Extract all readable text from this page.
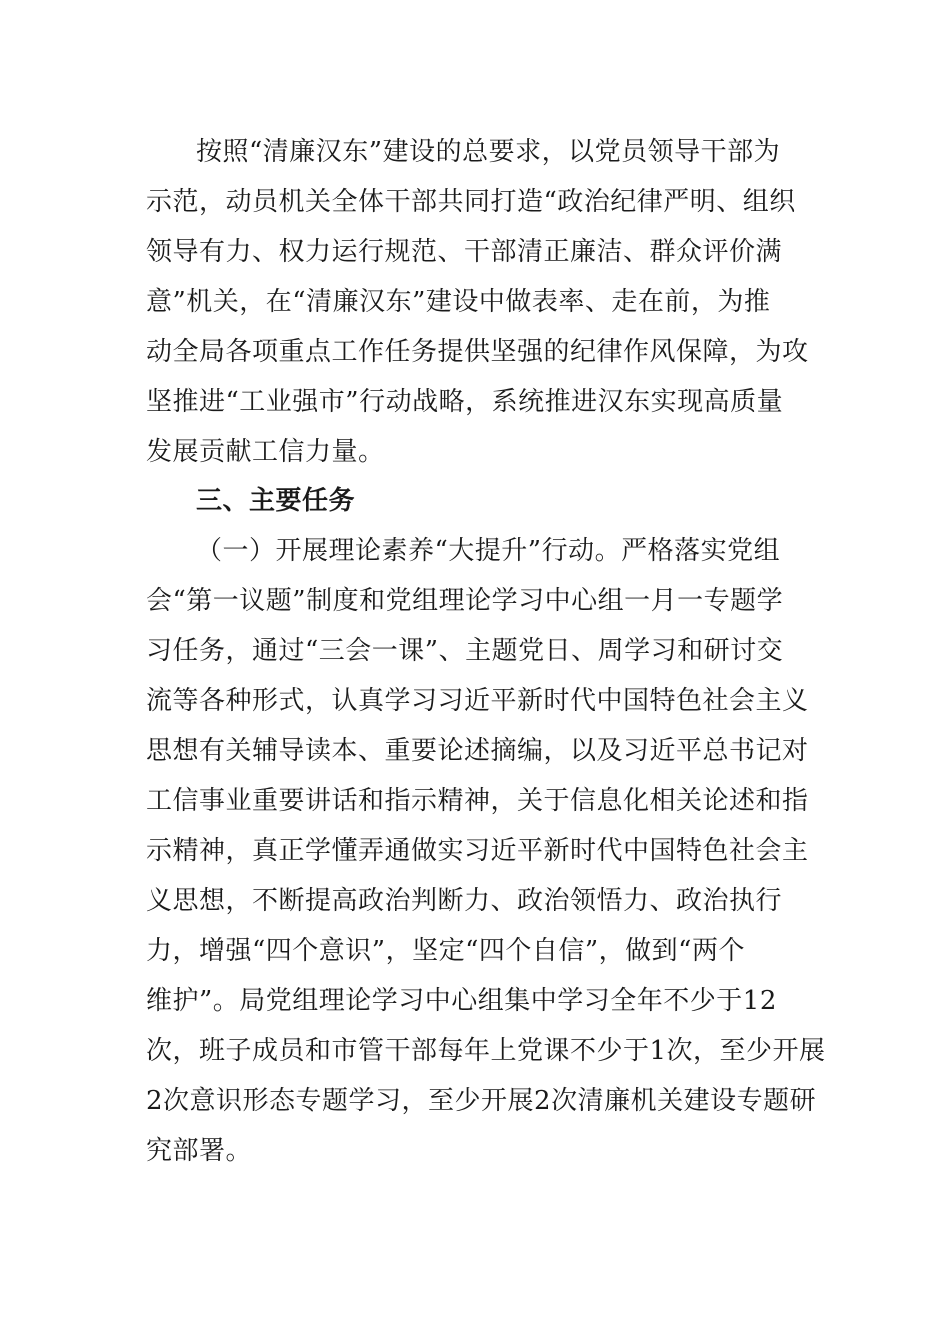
按照“清廉汉东”建设的总要求，以党员领导干部为
示范，动员机关全体干部共同打造“政治纪律严明、组织
领导有力、权力运行规范、干部清正廉洁、群众评价满
意”机关，在“清廉汉东”建设中做表率、走在前，为推
动全局各项重点工作任务提供坚强的纪律作风保障，为攻
坚推进“工业强市”行动战略，系统推进汉东实现高质量
发展贡献工信力量。
三、主要任务
（一）开展理论素养“大提升”行动。严格落实党组
会“第一议题”制度和党组理论学习中心组一月一专题学
习任务，通过“三会一课”、主题党日、周学习和研讨交
流等各种形式，认真学习习近平新时代中国特色社会主义
思想有关辅导读本、重要论述摘编，以及习近平总书记对
工信事业重要讲话和指示精神，关于信息化相关论述和指
示精神，真正学懂弄通做实习近平新时代中国特色社会主
义思想，不断提高政治判断力、政治领悟力、政治执行
力，增强“四个意识”，坚定“四个自信”，做到“两个
维护”。局党组理论学习中心组集中学习全年不少于12
次，班子成员和市管干部每年上党课不少于1次，至少开展
2次意识形态专题学习，至少开展2次清廉机关建设专题研
究部署。
